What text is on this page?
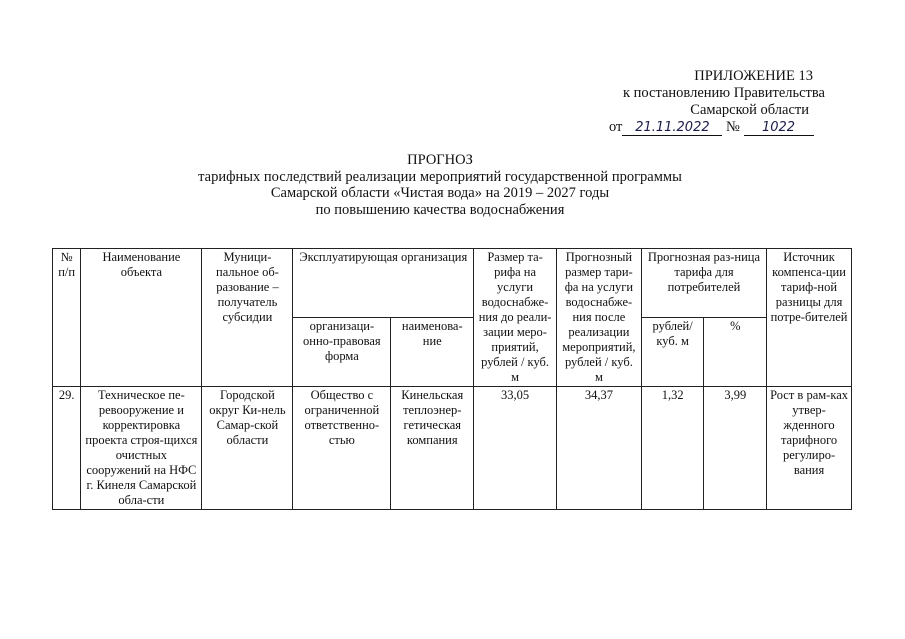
ПРИЛОЖЕНИЕ 13
к постановлению Правительства
Самарской области
от 21.11.2022 № 1022
ПРОГНОЗ
тарифных последствий реализации мероприятий государственной программы
Самарской области «Чистая вода» на 2019 – 2027 годы
по повышению качества водоснабжения
№ п/п	Наименование объекта	Муници-пальное об-разование – получатель субсидии	Эксплуатирующая организация		Размер та-рифа на услуги водоснабже-ния до реали-зации меро-приятий, рублей / куб. м	Прогнозный размер тари-фа на услуги водоснабже-ния после реализации мероприятий, рублей / куб. м	Прогнозная раз-ница тарифа для потребителей		Источник компенса-ции тариф-ной разницы для потре-бителей
			организаци-онно-правовая форма	наименова-ние			рублей/ куб. м	%	
29.	Техническое пе-ревооружение и корректировка проекта строя-щихся очистных сооружений на НФС г. Кинеля Самарской обла-сти	Городской округ Ки-нель Самар-ской области	Общество с ограниченной ответственно-стью	Кинельская теплоэнер-гетическая компания	33,05	34,37	1,32	3,99	Рост в рам-ках утвер-жденного тарифного регулиро-вания
